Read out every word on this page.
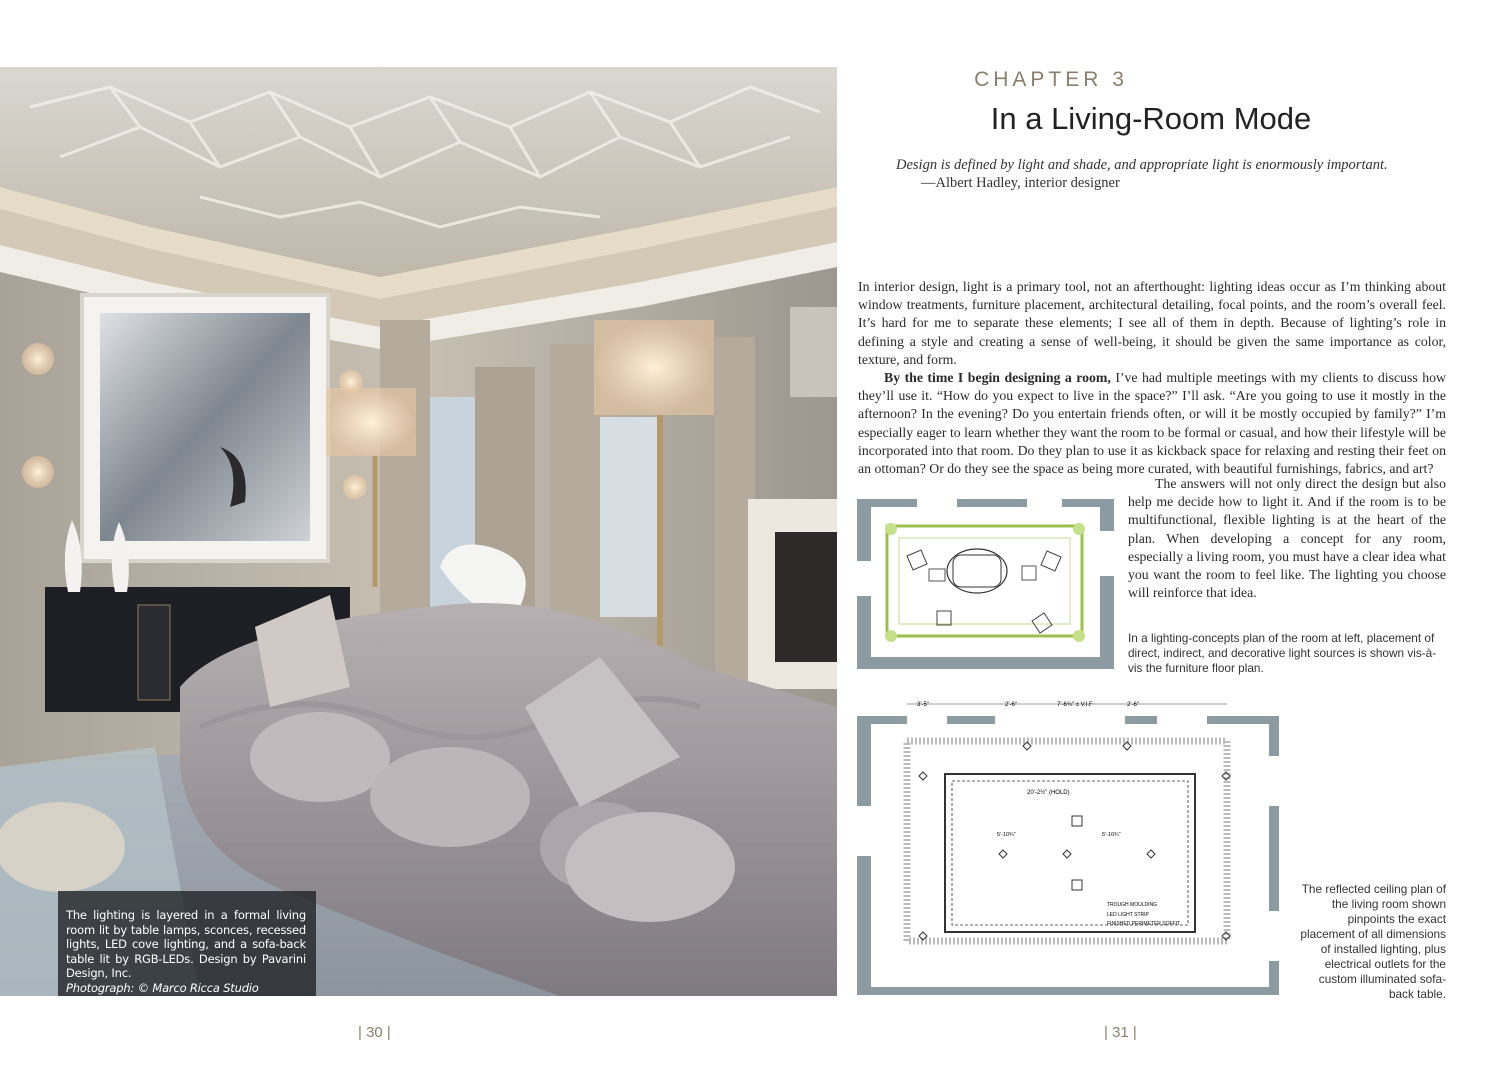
The lighting is layered in a formal living room lit by table lamps, sconces, recessed lights, LED cove lighting, and a sofa-back table lit by RGB-LEDs. Design by Pavarini Design, Inc.
Photograph: © Marco Ricca Studio
CHAPTER 3
In a Living-Room Mode
Design is defined by light and shade, and appropriate light is enormously important.
—Albert Hadley, interior designer

In interior design, light is a primary tool, not an afterthought: lighting ideas occur as I’m thinking about window treatments, furniture placement, architectural detailing, focal points, and the room’s overall feel. It’s hard for me to separate these elements; I see all of them in depth. Because of lighting’s role in defining a style and creating a sense of well-being, it should be given the same importance as color, texture, and form.

By the time I begin designing a room, I’ve had multiple meetings with my clients to discuss how they’ll use it. “How do you expect to live in the space?” I’ll ask. “Are you going to use it mostly in the afternoon? In the evening? Do you entertain friends often, or will it be mostly occupied by family?” I’m especially eager to learn whether they want the room to be formal or casual, and how their lifestyle will be incorporated into that room. Do they plan to use it as kickback space for relaxing and resting their feet on an ottoman? Or do they see the space as being more curated, with beautiful furnishings, fabrics, and art?

The answers will not only direct the design but also help me decide how to light it. And if the room is to be multifunctional, flexible lighting is at the heart of the plan. When developing a concept for any room, especially a living room, you must have a clear idea what you want the room to feel like. The lighting you choose will reinforce that idea.
3'-5"	2'-6"	7'-6¾" ± V.I.F	2'-6"
20'-2½" (HOLD)
5'-10¾"	5'-10¾"
TROUGH MOULDING
LED LIGHT STRIP
FINISHED PERIMETER SOFFIT
In a lighting-concepts plan of the room at left, placement of direct, indirect, and decorative light sources is shown vis-à-vis the furniture floor plan.
The reflected ceiling plan of the living room shown pinpoints the exact placement of all dimensions of installed lighting, plus electrical outlets for the custom illuminated sofa-back table.
| 30 |	| 31 |
